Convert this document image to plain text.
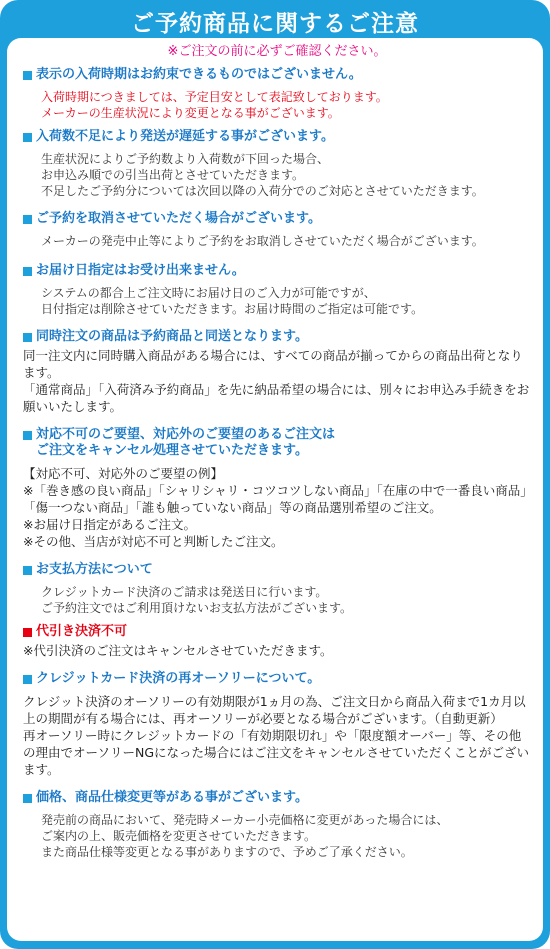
ご予約商品に関するご注意
※ご注文の前に必ずご確認ください。
表示の入荷時期はお約束できるものではございません。
入荷時期につきましては、予定目安として表記致しております。
メーカーの生産状況により変更となる事がございます。
入荷数不足により発送が遅延する事がございます。
生産状況によりご予約数より入荷数が下回った場合、
お申込み順での引当出荷とさせていただきます。
不足したご予約分については次回以降の入荷分でのご対応とさせていただきます。
ご予約を取消させていただく場合がございます。
メーカーの発売中止等によりご予約をお取消しさせていただく場合がございます。
お届け日指定はお受け出来ません。
システムの都合上ご注文時にお届け日のご入力が可能ですが、
日付指定は削除させていただきます。お届け時間のご指定は可能です。
同時注文の商品は予約商品と同送となります。
同一注文内に同時購入商品がある場合には、すべての商品が揃ってからの商品出荷となります。
「通常商品」「入荷済み予約商品」を先に納品希望の場合には、別々にお申込み手続きをお願いいたします。
対応不可のご要望、対応外のご要望のあるご注文は
ご注文をキャンセル処理させていただきます。
【対応不可、対応外のご要望の例】
※「巻き感の良い商品」「シャリシャリ・コツコツしない商品」「在庫の中で一番良い商品」「傷一つない商品」「誰も触っていない商品」等の商品選別希望のご注文。
※お届け日指定があるご注文。
※その他、当店が対応不可と判断したご注文。
お支払方法について
クレジットカード決済のご請求は発送日に行います。
ご予約注文ではご利用頂けないお支払方法がございます。
代引き決済不可
※代引決済のご注文はキャンセルさせていただきます。
クレジットカード決済の再オーソリーについて。
クレジット決済のオーソリーの有効期限が1ヵ月の為、ご注文日から商品入荷まで1カ月以上の期間が有る場合には、再オーソリーが必要となる場合がございます。（自動更新）
再オーソリー時にクレジットカードの「有効期限切れ」や「限度額オーバー」等、その他の理由でオーソリーNGになった場合にはご注文をキャンセルさせていただくことがございます。
価格、商品仕様変更等がある事がございます。
発売前の商品において、発売時メーカー小売価格に変更があった場合には、
ご案内の上、販売価格を変更させていただきます。
また商品仕様等変更となる事がありますので、予めご了承ください。
